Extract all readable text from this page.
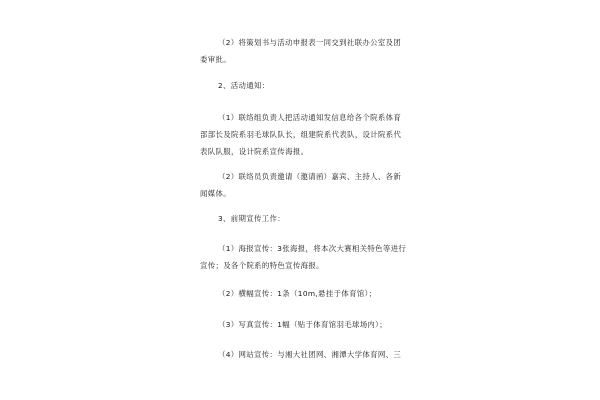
（2）将策划书与活动申报表一同交到社联办公室及团
委审批。
2、活动通知：
（1）联络组负责人把活动通知发信息给各个院系体育
部部长及院系羽毛球队队长，组建院系代表队，设计院系代
表队队服，设计院系宣传海报。
（2）联络员负责邀请（邀请函）嘉宾、主持人、各新
闻媒体。
3、前期宣传工作：
（1）海报宣传：3张海报，将本次大赛相关特色等进行
宣传；及各个院系的特色宣传海报。
（2）横幅宣传：1条（10m,悬挂于体育馆）；
（3）写真宣传：1幅（贴于体育馆羽毛球场内）；
（4）网站宣传：与湘大社团网、湘潭大学体育网、三
